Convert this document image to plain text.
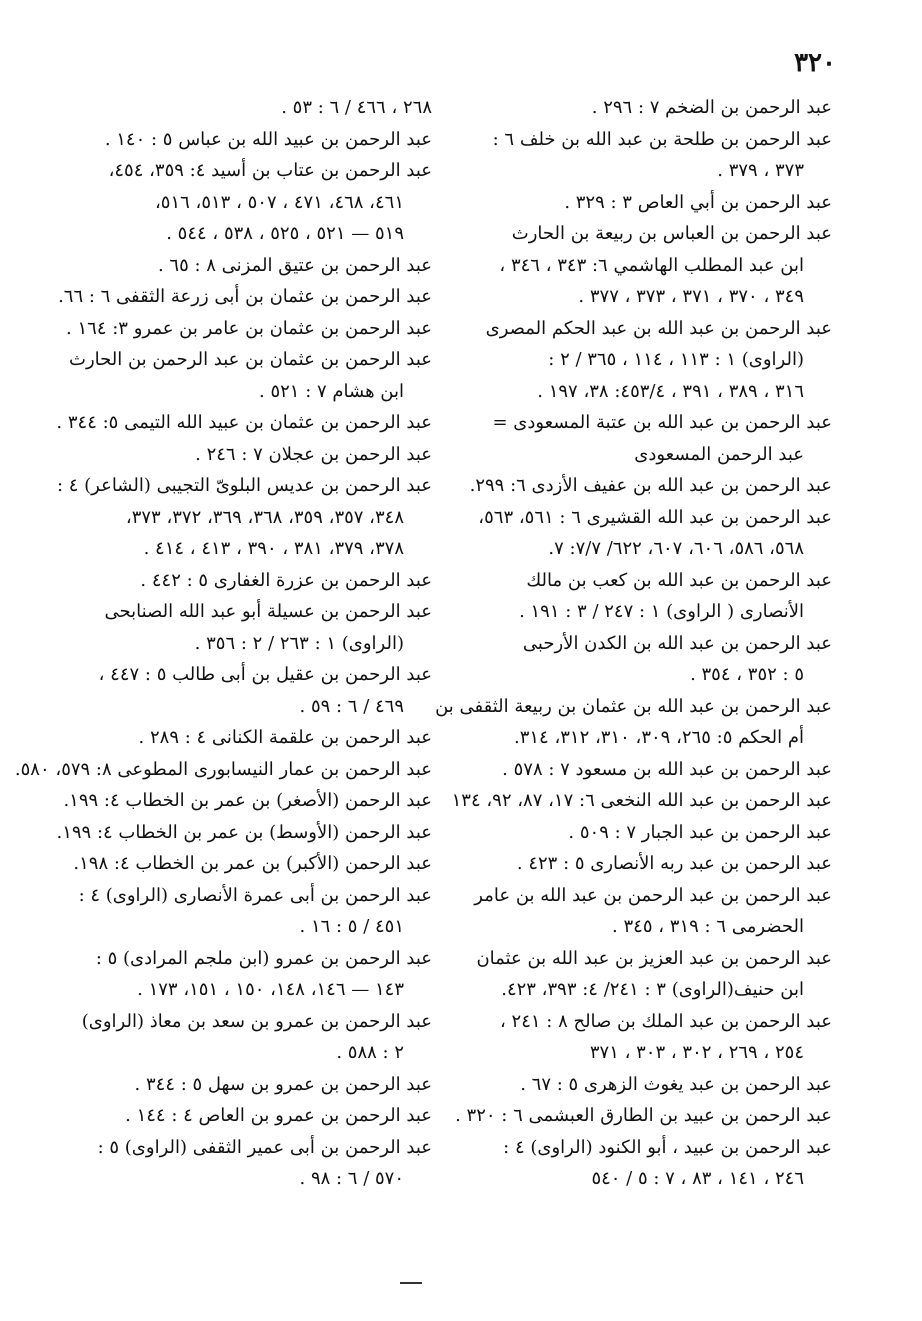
٣٢٠
عبد الرحمن بن الضخم ٧ : ٢٩٦ .
عبد الرحمن بن طلحة بن عبد الله بن خلف ٦ :
٣٧٣ ، ٣٧٩ .
عبد الرحمن بن أبي العاص ٣ : ٣٢٩ .
عبد الرحمن بن العباس بن ربيعة بن الحارث
ابن عبد المطلب الهاشمي ٦: ٣٤٣ ، ٣٤٦ ،
٣٤٩ ، ٣٧٠ ، ٣٧١ ، ٣٧٣ ، ٣٧٧ .
عبد الرحمن بن عبد الله بن عبد الحكم المصرى
(الراوى) ١ : ١١٣ ، ١١٤ ، ٣٦٥ / ٢ :
٣١٦ ، ٣٨٩ ، ٣٩١ ، ٤٥٣/٤: ٣٨، ١٩٧ .
عبد الرحمن بن عبد الله بن عتبة المسعودى =
عبد الرحمن المسعودى
عبد الرحمن بن عبد الله بن عفيف الأزدى ٦: ٢٩٩.
عبد الرحمن بن عبد الله القشيرى ٦ : ٥٦١، ٥٦٣،
٥٦٨، ٥٨٦، ٦٠٦، ٦٠٧، ٦٢٢/ ٧/٧: ٧.
عبد الرحمن بن عبد الله بن كعب بن مالك
الأنصارى ( الراوى) ١ : ٢٤٧ / ٣ : ١٩١ .
عبد الرحمن بن عبد الله بن الكدن الأرحبى
٥ : ٣٥٢ ، ٣٥٤ .
عبد الرحمن بن عبد الله بن عثمان بن ربيعة الثقفى بن
أم الحكم ٥: ٢٦٥، ٣٠٩، ٣١٠، ٣١٢، ٣١٤.
عبد الرحمن بن عبد الله بن مسعود ٧ : ٥٧٨ .
عبد الرحمن بن عبد الله النخعى ٦: ١٧، ٨٧، ٩٢، ١٣٤
عبد الرحمن بن عبد الجبار ٧ : ٥٠٩ .
عبد الرحمن بن عبد ربه الأنصارى ٥ : ٤٢٣ .
عبد الرحمن بن عبد الرحمن بن عبد الله بن عامر
الحضرمى ٦ : ٣١٩ ، ٣٤٥ .
عبد الرحمن بن عبد العزيز بن عبد الله بن عثمان
ابن حنيف(الراوى) ٣ : ٢٤١/ ٤: ٣٩٣، ٤٢٣.
عبد الرحمن بن عبد الملك بن صالح ٨ : ٢٤١ ،
٢٥٤ ، ٢٦٩ ، ٣٠٢ ، ٣٠٣ ، ٣٧١
عبد الرحمن بن عبد يغوث الزهرى ٥ : ٦٧ .
عبد الرحمن بن عبيد بن الطارق العبشمى ٦ : ٣٢٠ .
عبد الرحمن بن عبيد ، أبو الكنود (الراوى) ٤ :
٢٤٦ ، ١٤١ ، ٨٣ ، ٧ : ٥ / ٥٤٠
٢٦٨ ، ٤٦٦ / ٦ : ٥٣ .
عبد الرحمن بن عبيد الله بن عباس ٥ : ١٤٠ .
عبد الرحمن بن عتاب بن أسيد ٤: ٣٥٩، ٤٥٤،
٤٦١، ٤٦٨، ٤٧١ ، ٥٠٧ ، ٥١٣، ٥١٦،
٥١٩ — ٥٢١ ، ٥٢٥ ، ٥٣٨ ، ٥٤٤ .
عبد الرحمن بن عتيق المزنى ٨ : ٦٥ .
عبد الرحمن بن عثمان بن أبى زرعة الثقفى ٦ : ٦٦.
عبد الرحمن بن عثمان بن عامر بن عمرو ٣: ١٦٤ .
عبد الرحمن بن عثمان بن عبد الرحمن بن الحارث
ابن هشام ٧ : ٥٢١ .
عبد الرحمن بن عثمان بن عبيد الله التيمى ٥: ٣٤٤ .
عبد الرحمن بن عجلان ٧ : ٢٤٦ .
عبد الرحمن بن عديس البلوىّ التجيبى (الشاعر) ٤ :
٣٤٨، ٣٥٧، ٣٥٩، ٣٦٨، ٣٦٩، ٣٧٢، ٣٧٣،
٣٧٨، ٣٧٩، ٣٨١ ، ٣٩٠ ، ٤١٣ ، ٤١٤ .
عبد الرحمن بن عزرة الغفارى ٥ : ٤٤٢ .
عبد الرحمن بن عسيلة أبو عبد الله الصنابحى
(الراوى) ١ : ٢٦٣ / ٢ : ٣٥٦ .
عبد الرحمن بن عقيل بن أبى طالب ٥ : ٤٤٧ ،
٤٦٩ / ٦ : ٥٩ .
عبد الرحمن بن علقمة الكنانى ٤ : ٢٨٩ .
عبد الرحمن بن عمار النيسابورى المطوعى ٨: ٥٧٩، ٥٨٠.
عبد الرحمن (الأصغر) بن عمر بن الخطاب ٤: ١٩٩.
عبد الرحمن (الأوسط) بن عمر بن الخطاب ٤: ١٩٩.
عبد الرحمن (الأكبر) بن عمر بن الخطاب ٤: ١٩٨.
عبد الرحمن بن أبى عمرة الأنصارى (الراوى) ٤ :
٤٥١ / ٥ : ١٦ .
عبد الرحمن بن عمرو (ابن ملجم المرادى) ٥ :
١٤٣ — ١٤٦، ١٤٨، ١٥٠ ، ١٥١، ١٧٣ .
عبد الرحمن بن عمرو بن سعد بن معاذ (الراوى)
٢ : ٥٨٨ .
عبد الرحمن بن عمرو بن سهل ٥ : ٣٤٤ .
عبد الرحمن بن عمرو بن العاص ٤ : ١٤٤ .
عبد الرحمن بن أبى عمير الثقفى (الراوى) ٥ :
٥٧٠ / ٦ : ٩٨ .
